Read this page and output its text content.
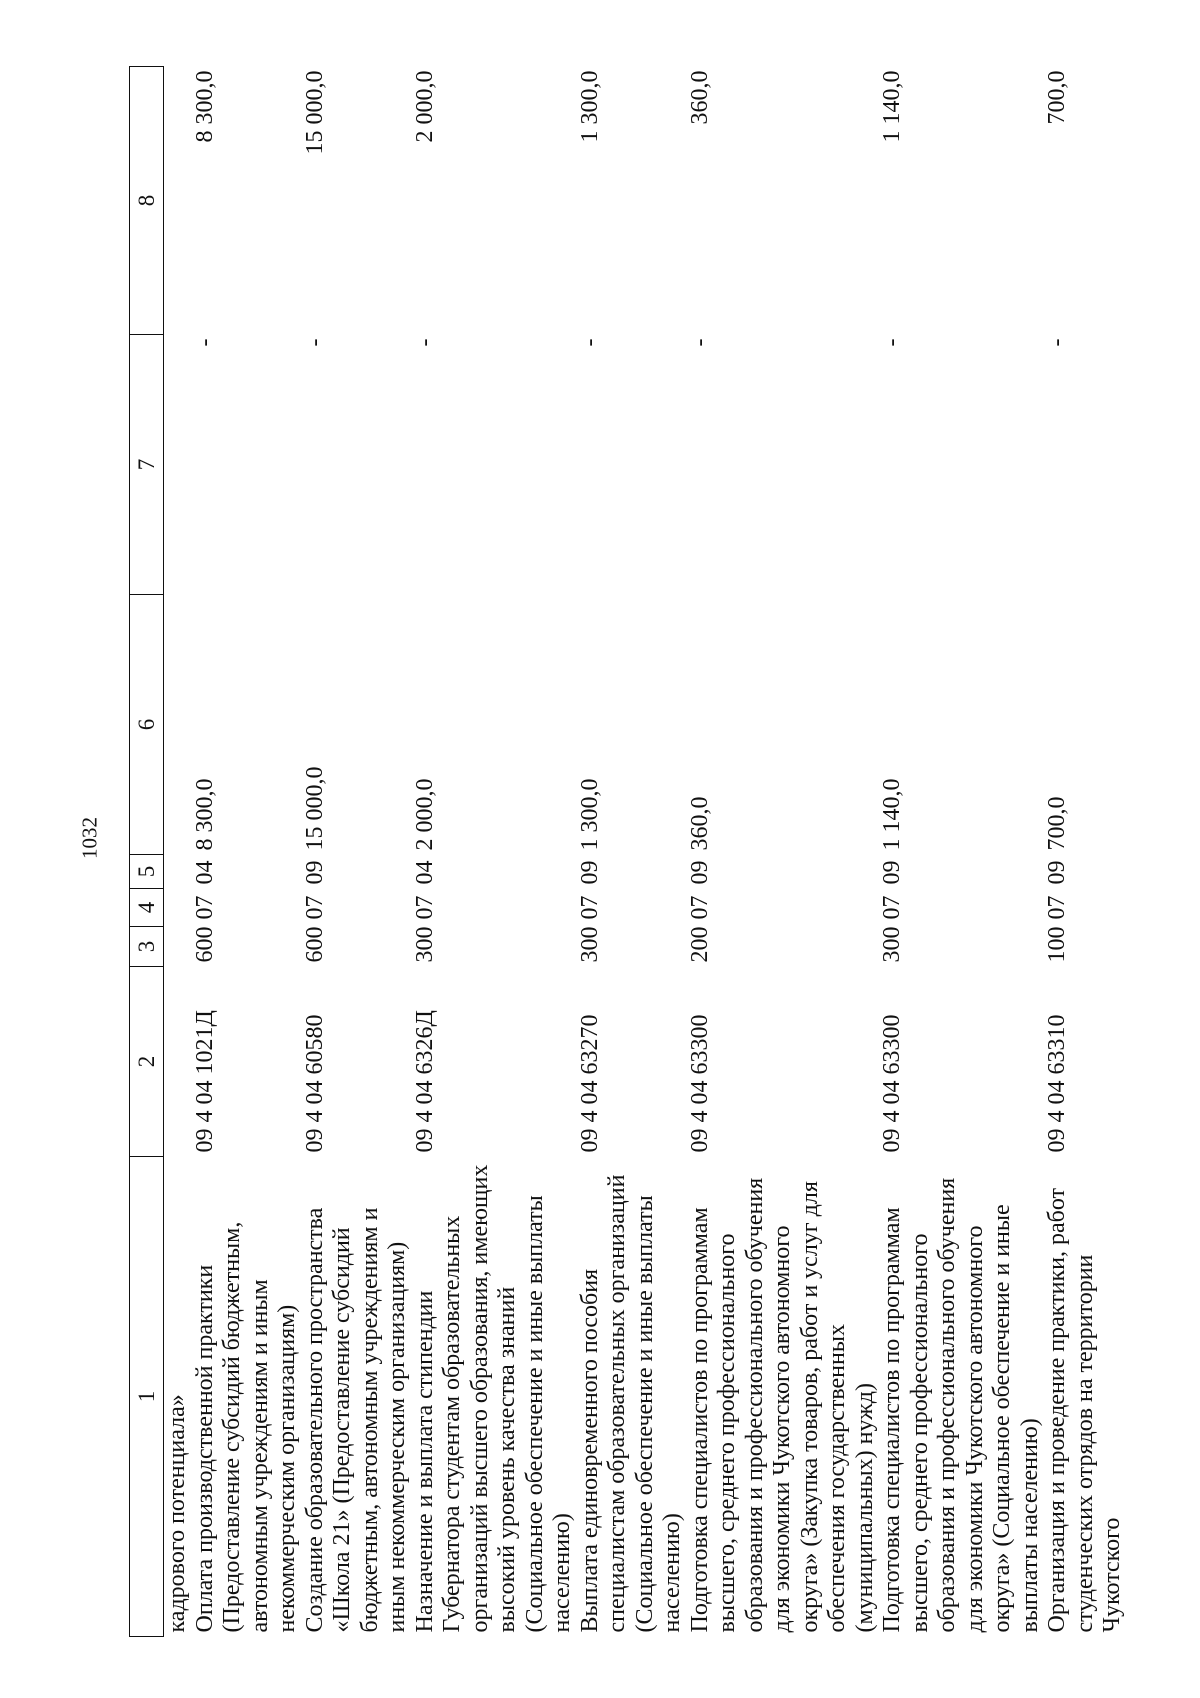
1032
1	2	3	4	5	6	7	8
кадрового потенциала»							
Оплата производственной практики (Предоставление субсидий бюджетным, автономным учреждениям и иным некоммерческим организациям)	09 4 04 1021Д	600	07	04	8 300,0	-	8 300,0
Создание образовательного пространства «Школа 21» (Предоставление субсидий бюджетным, автономным учреждениям и иным некоммерческим организациям)	09 4 04 60580	600	07	09	15 000,0	-	15 000,0
Назначение и выплата стипендии Губернатора студентам образовательных организаций высшего образования, имеющих высокий уровень качества знаний (Социальное обеспечение и иные выплаты населению)	09 4 04 6326Д	300	07	04	2 000,0	-	2 000,0
Выплата единовременного пособия специалистам образовательных организаций (Социальное обеспечение и иные выплаты населению)	09 4 04 63270	300	07	09	1 300,0	-	1 300,0
Подготовка специалистов по программам высшего, среднего профессионального образования и профессионального обучения для экономики Чукотского автономного округа» (Закупка товаров, работ и услуг для обеспечения государственных (муниципальных) нужд)	09 4 04 63300	200	07	09	360,0	-	360,0
Подготовка специалистов по программам высшего, среднего профессионального образования и профессионального обучения для экономики Чукотского автономного округа» (Социальное обеспечение и иные выплаты населению)	09 4 04 63300	300	07	09	1 140,0	-	1 140,0
Организация и проведение практики, работ студенческих отрядов на территории Чукотского	09 4 04 63310	100	07	09	700,0	-	700,0
